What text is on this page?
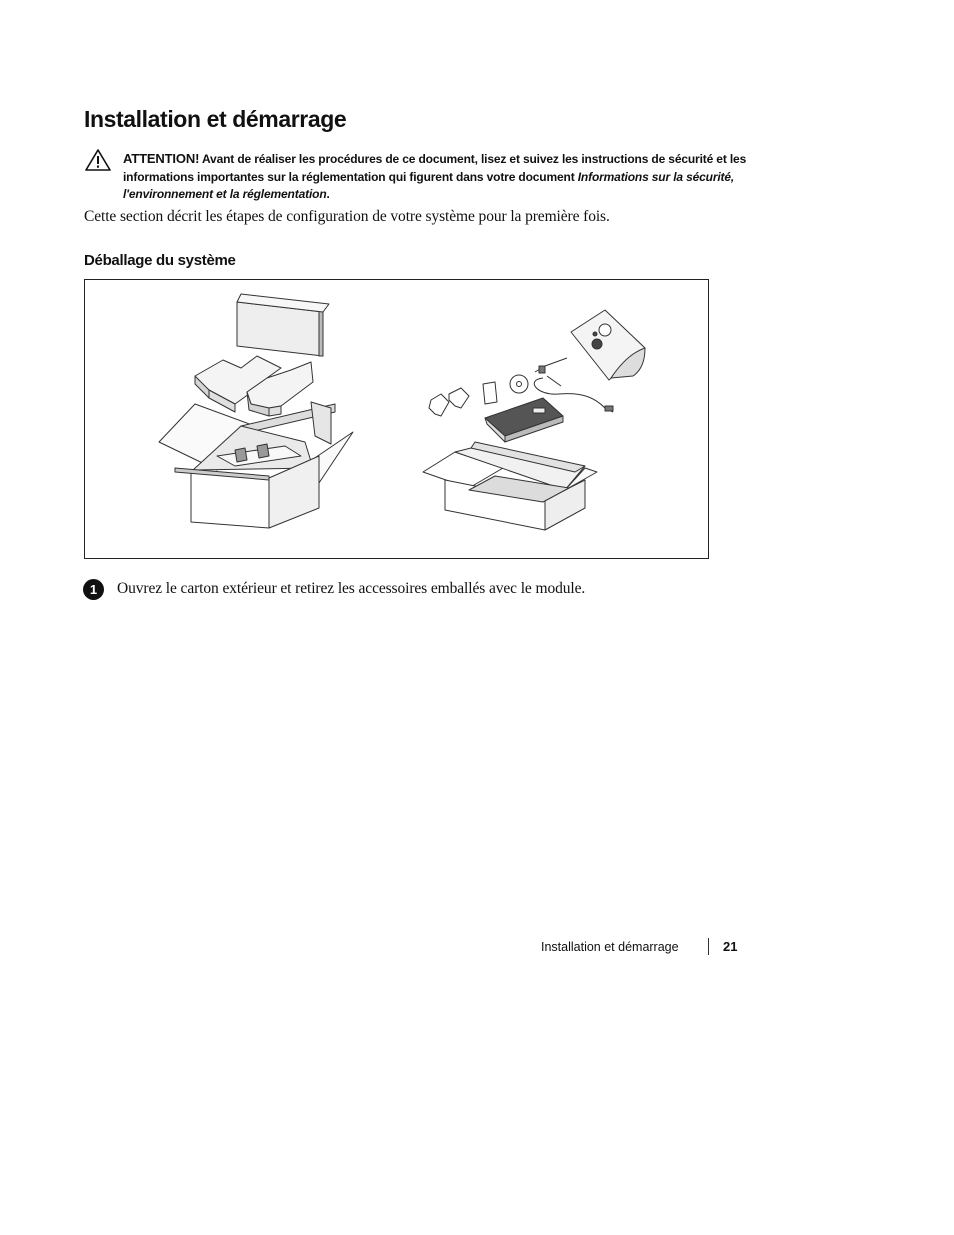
Installation et démarrage
ATTENTION! Avant de réaliser les procédures de ce document, lisez et suivez les instructions de sécurité et les informations importantes sur la réglementation qui figurent dans votre document Informations sur la sécurité, l'environnement et la réglementation.
Cette section décrit les étapes de configuration de votre système pour la première fois.
Déballage du système
1	Ouvrez le carton extérieur et retirez les accessoires emballés avec le module.
Installation et démarrage	21
